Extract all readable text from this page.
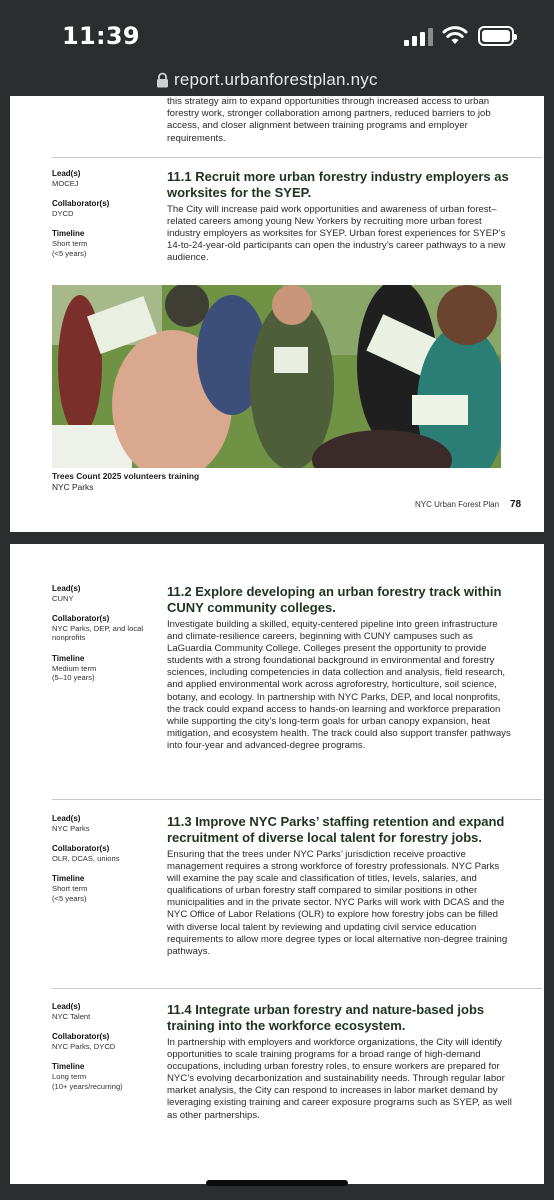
11:39
report.urbanforestplan.nyc

this strategy aim to expand opportunities through increased access to urban forestry work, stronger collaboration among partners, reduced barriers to job access, and closer alignment between training programs and employer requirements.

Lead(s)
MOCEJ
Collaborator(s)
DYCD
Timeline
Short term
(<5 years)
11.1 Recruit more urban forestry industry employers as worksites for the SYEP.

The City will increase paid work opportunities and awareness of urban forest–related careers among young New Yorkers by recruiting more urban forest industry employers as worksites for SYEP. Urban forest experiences for SYEP’s 14-to-24-year-old participants can open the industry’s career pathways to a new audience.

Trees Count 2025 volunteers training
NYC Parks
NYC Urban Forest Plan 78
Lead(s)
CUNY
Collaborator(s)
NYC Parks, DEP, and local nonprofits
Timeline
Medium term
(5–10 years)
11.2 Explore developing an urban forestry track within CUNY community colleges.

Investigate building a skilled, equity-centered pipeline into green infrastructure and climate-resilience careers, beginning with CUNY campuses such as LaGuardia Community College. Colleges present the opportunity to provide students with a strong foundational background in environmental and forestry sciences, including competencies in data collection and analysis, field research, and applied environmental work across agroforestry, horticulture, soil science, botany, and ecology. In partnership with NYC Parks, DEP, and local nonprofits, the track could expand access to hands-on learning and workforce preparation while supporting the city’s long-term goals for urban canopy expansion, heat mitigation, and ecosystem health. The track could also support transfer pathways into four-year and advanced-degree programs.

Lead(s)
NYC Parks
Collaborator(s)
OLR, DCAS, unions
Timeline
Short term
(<5 years)
11.3 Improve NYC Parks’ staffing retention and expand recruitment of diverse local talent for forestry jobs.

Ensuring that the trees under NYC Parks’ jurisdiction receive proactive management requires a strong workforce of forestry professionals. NYC Parks will examine the pay scale and classification of titles, levels, salaries, and qualifications of urban forestry staff compared to similar positions in other municipalities and in the private sector. NYC Parks will work with DCAS and the NYC Office of Labor Relations (OLR) to explore how forestry jobs can be filled with diverse local talent by reviewing and updating civil service education requirements to allow more degree types or local alternative non-degree training pathways.

Lead(s)
NYC Talent
Collaborator(s)
NYC Parks, DYCD
Timeline
Long term
(10+ years/recurring)
11.4 Integrate urban forestry and nature-based jobs training into the workforce ecosystem.

In partnership with employers and workforce organizations, the City will identify opportunities to scale training programs for a broad range of high-demand occupations, including urban forestry roles, to ensure workers are prepared for NYC’s evolving decarbonization and sustainability needs. Through regular labor market analysis, the City can respond to increases in labor market demand by leveraging existing training and career exposure programs such as SYEP, as well as other partnerships.
